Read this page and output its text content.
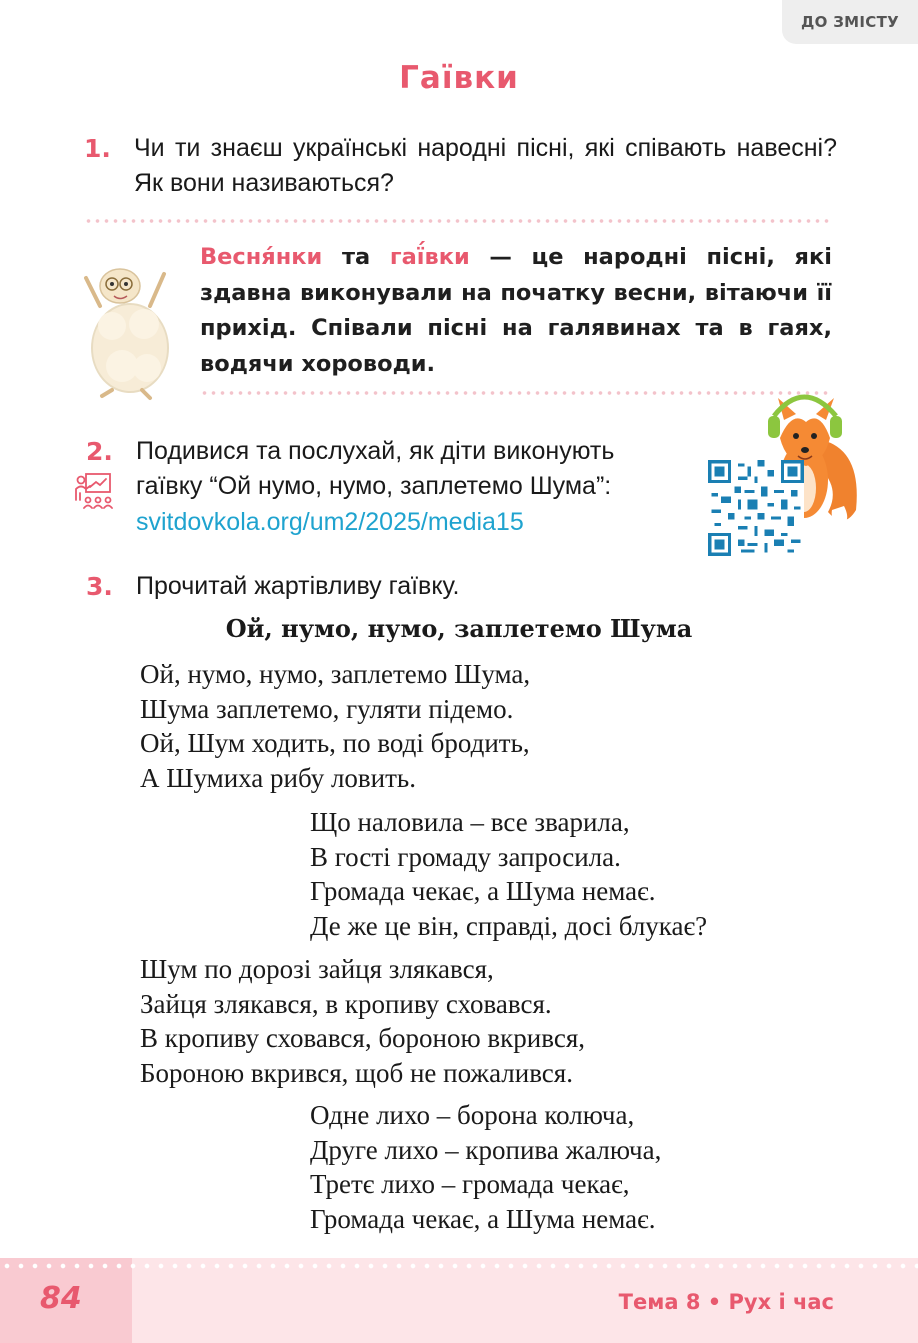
ДО ЗМІСТУ
Гаївки
1. Чи ти знаєш українські народні пісні, які співають навесні? Як вони називаються?
Весня́нки та гаї́вки — це народні пісні, які здавна виконували на початку весни, вітаючи її прихід. Співали пісні на галявинах та в гаях, водячи хороводи.
2. Подивися та послухай, як діти виконують
гаївку “Ой нумо, нумо, заплетемо Шума”:
svitdovkola.org/um2/2025/media15
3. Прочитай жартівливу гаївку.
Ой, нумо, нумо, заплетемо Шума
Ой, нумо, нумо, заплетемо Шума,
Шума заплетемо, гуляти підемо.
Ой, Шум ходить, по воді бродить,
А Шумиха рибу ловить.
Що наловила – все зварила,
В гості громаду запросила.
Громада чекає, а Шума немає.
Де же це він, справді, досі блукає?
Шум по дорозі зайця злякався,
Зайця злякався, в кропиву сховався.
В кропиву сховався, бороною вкрився,
Бороною вкрився, щоб не пожалився.
Одне лихо – борона колюча,
Друге лихо – кропива жалюча,
Третє лихо – громада чекає,
Громада чекає, а Шума немає.
84	Тема 8 • Рух і час
